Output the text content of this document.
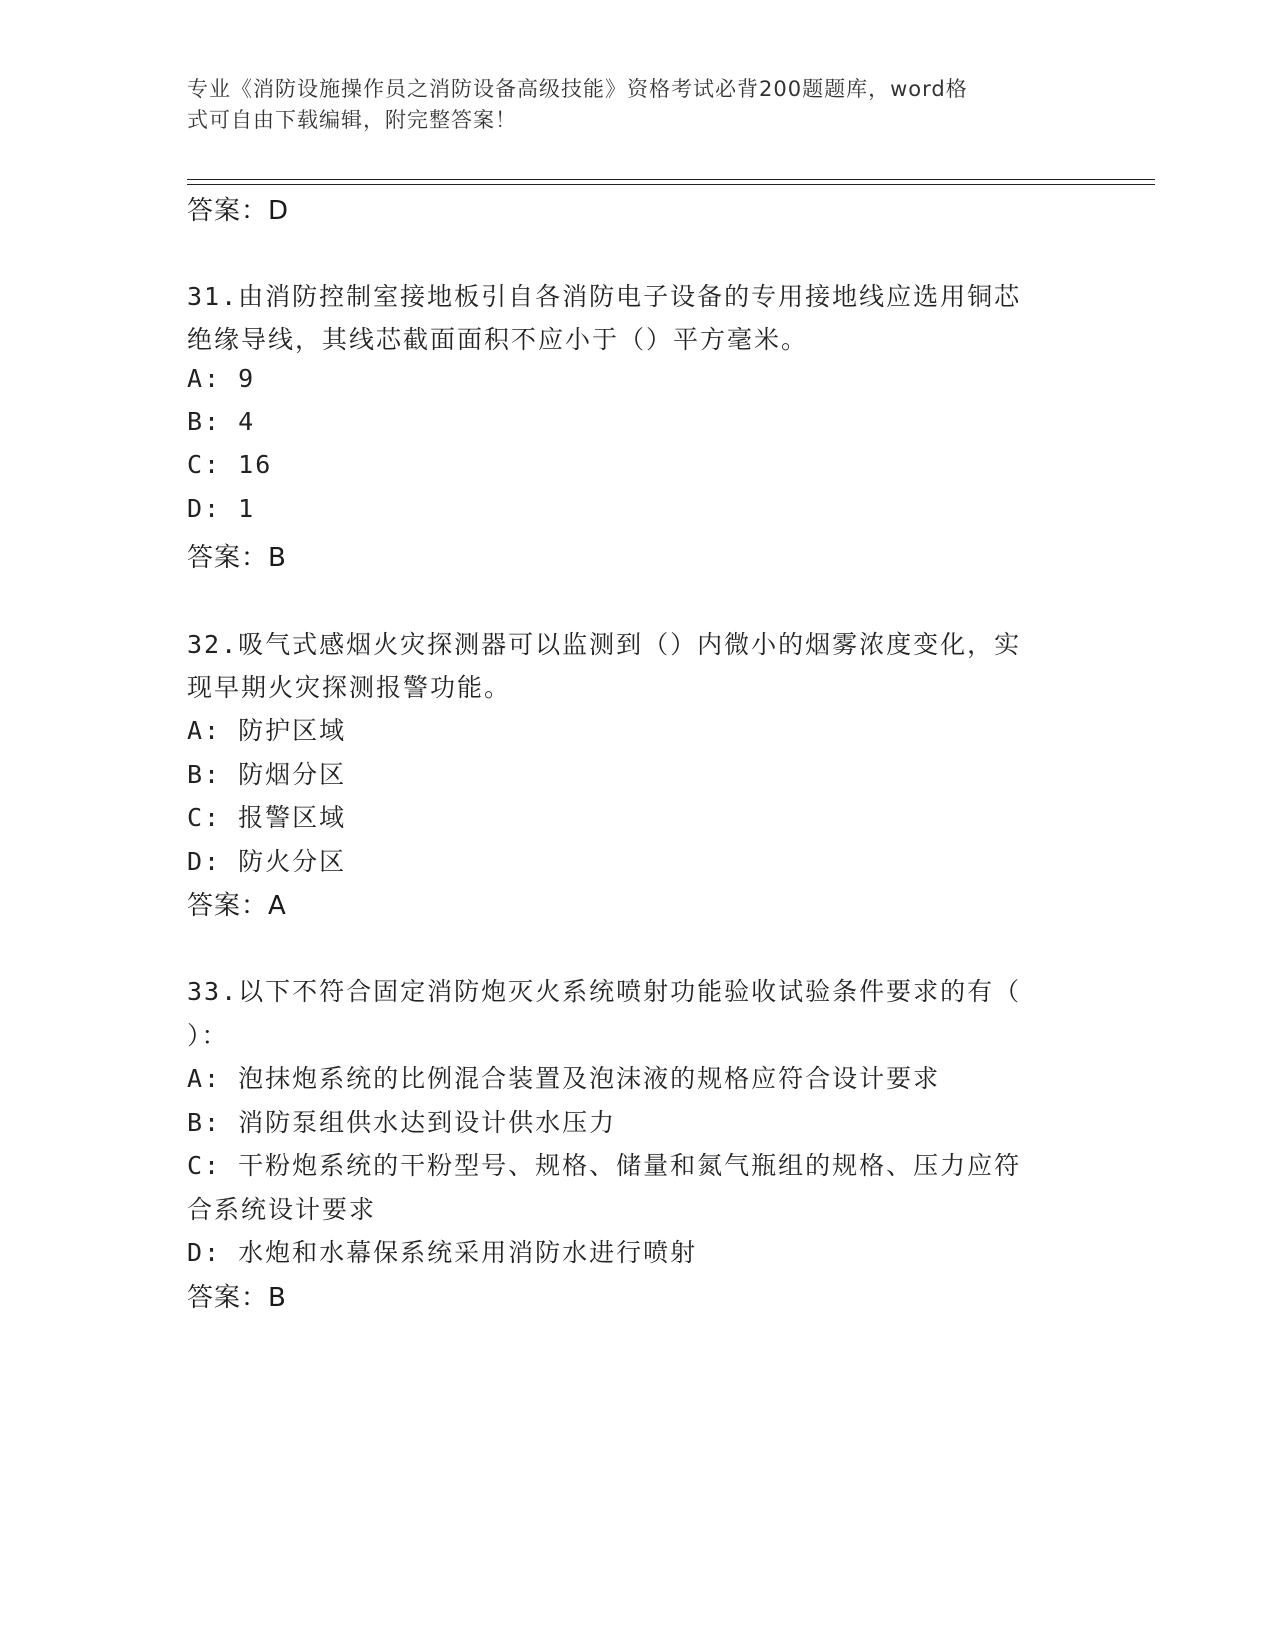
专业《消防设施操作员之消防设备高级技能》资格考试必背200题题库，word格
式可自由下载编辑，附完整答案！
答案：D
31.由消防控制室接地板引自各消防电子设备的专用接地线应选用铜芯
绝缘导线，其线芯截面面积不应小于（）平方毫米。
A: 9
B: 4
C: 16
D: 1
答案：B
32.吸气式感烟火灾探测器可以监测到（）内微小的烟雾浓度变化，实
现早期火灾探测报警功能。
A: 防护区域
B: 防烟分区
C: 报警区域
D: 防火分区
答案：A
33.以下不符合固定消防炮灭火系统喷射功能验收试验条件要求的有（
）：
A: 泡抹炮系统的比例混合装置及泡沫液的规格应符合设计要求
B: 消防泵组供水达到设计供水压力
C: 干粉炮系统的干粉型号、规格、储量和氮气瓶组的规格、压力应符
合系统设计要求
D: 水炮和水幕保系统采用消防水进行喷射
答案：B
